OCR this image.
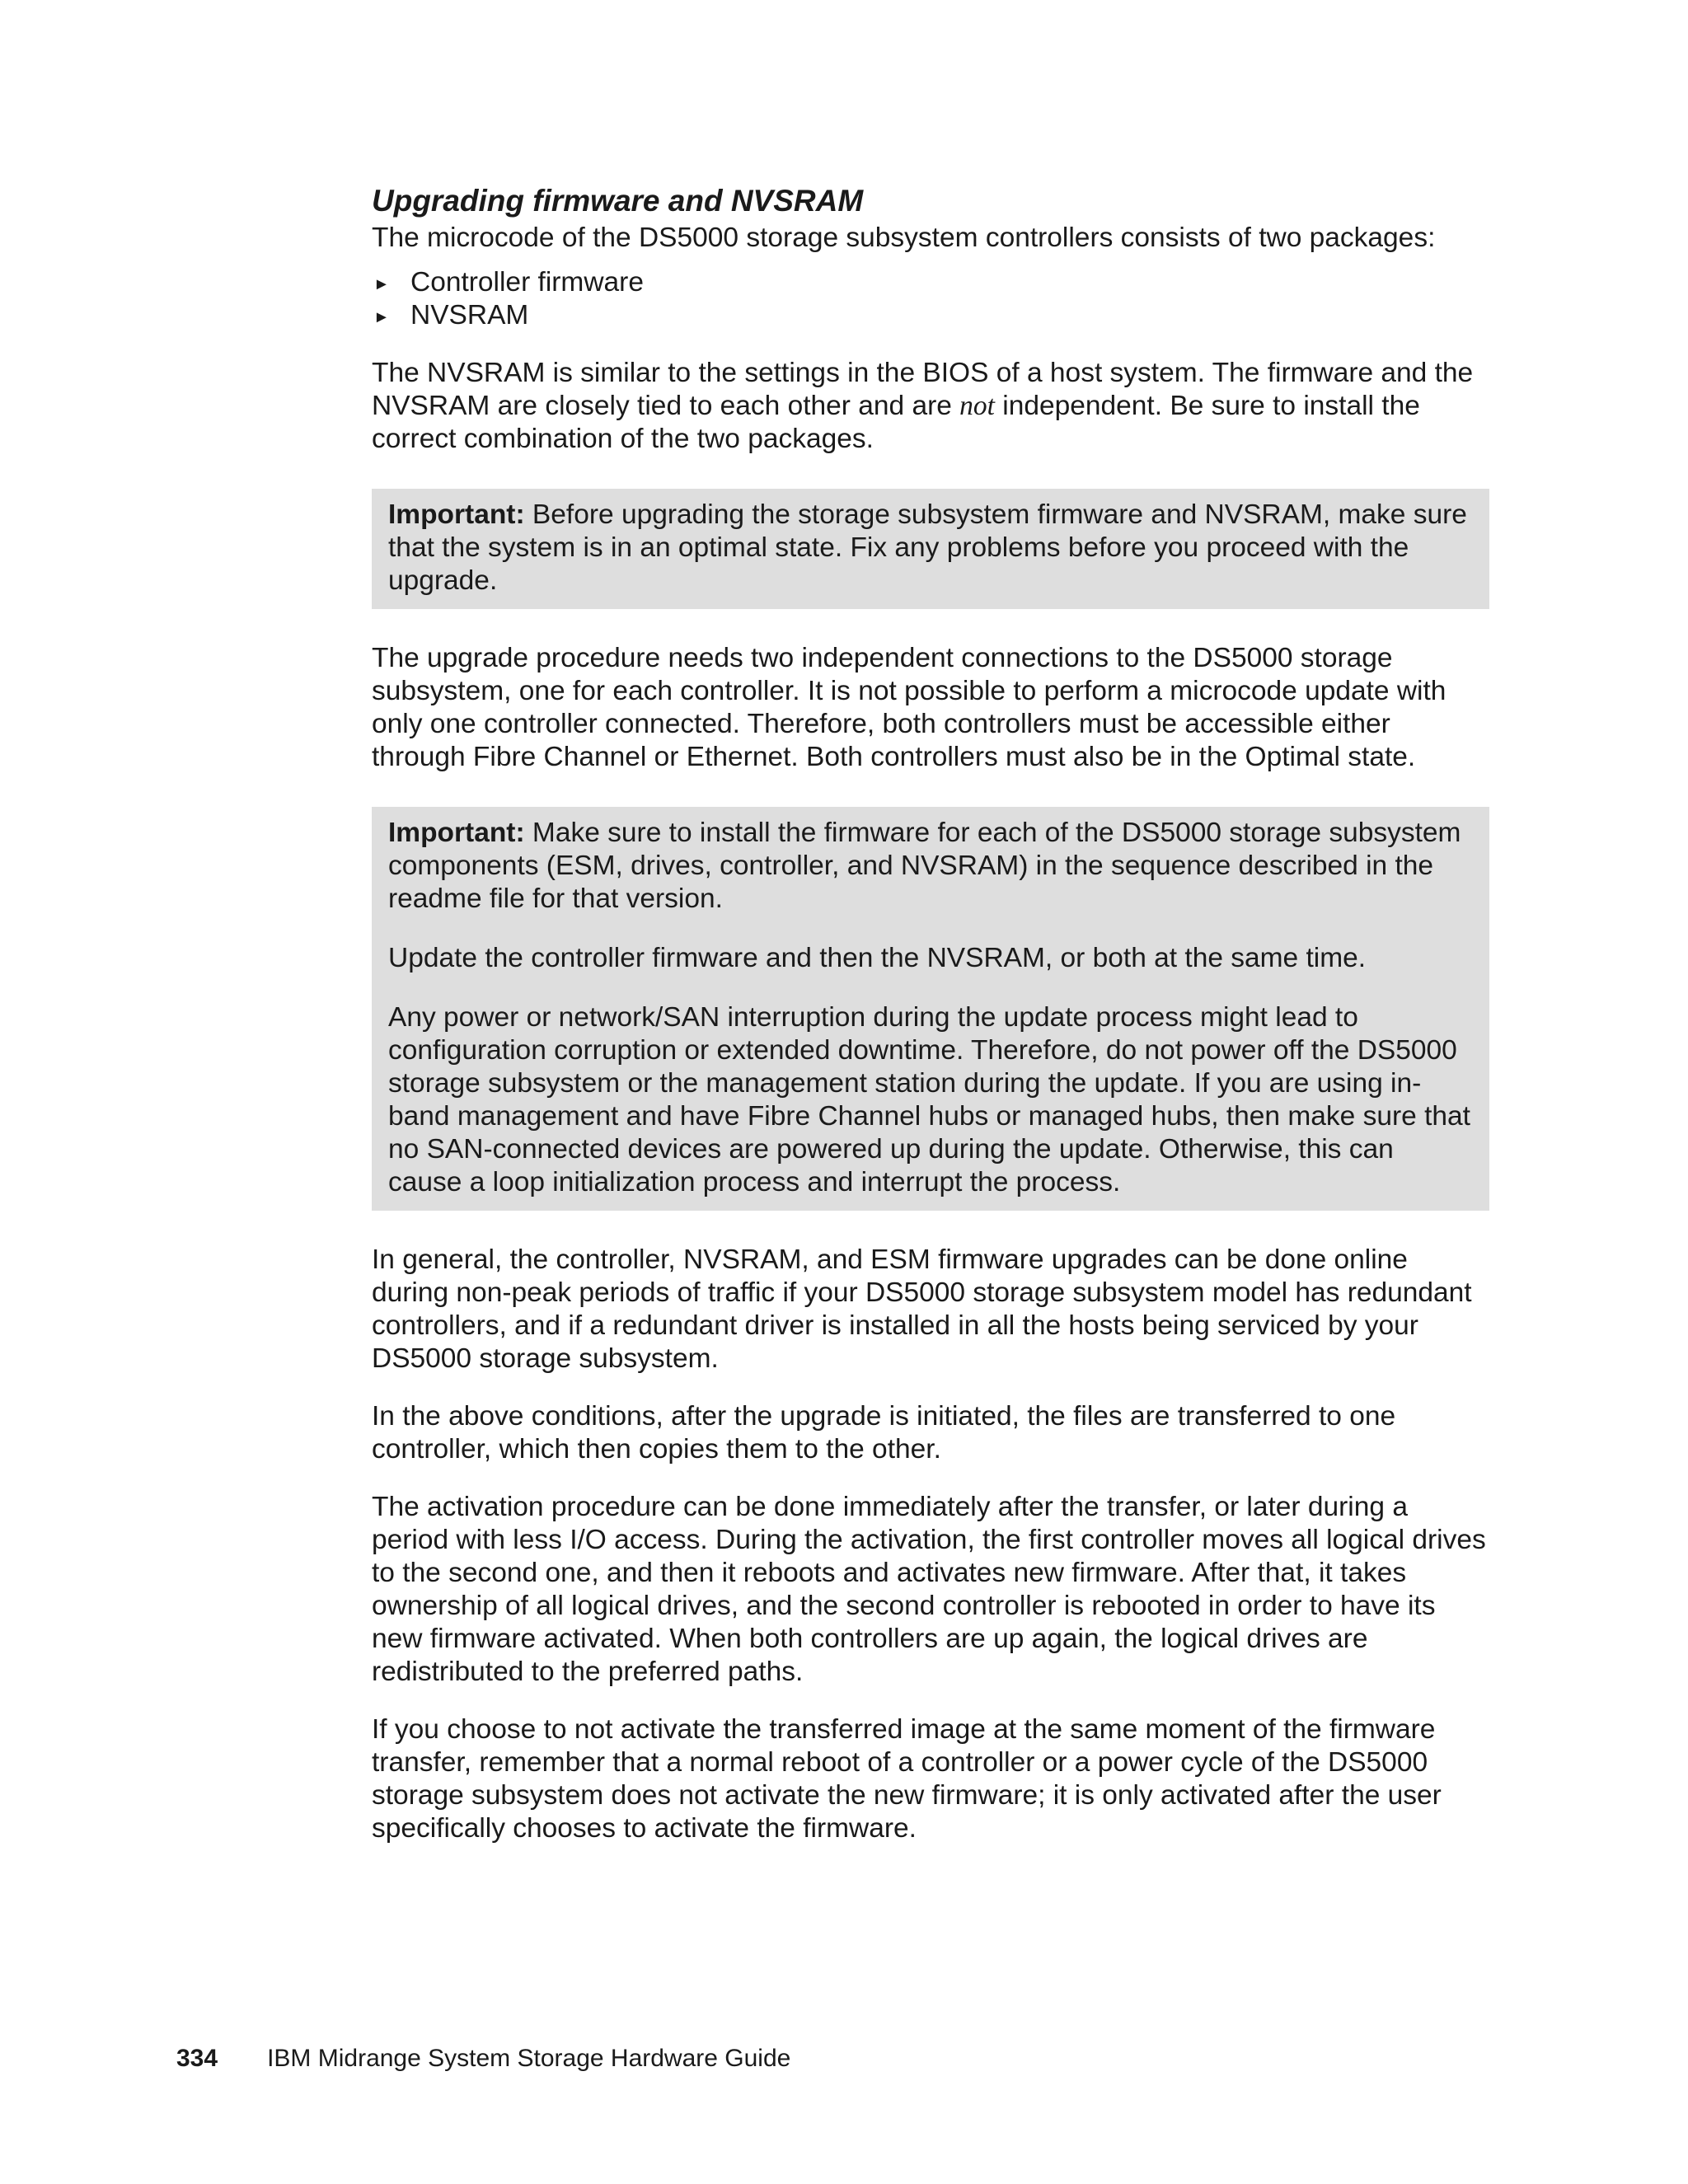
Upgrading firmware and NVSRAM

The microcode of the DS5000 storage subsystem controllers consists of two packages:

► Controller firmware
► NVSRAM

The NVSRAM is similar to the settings in the BIOS of a host system. The firmware and the NVSRAM are closely tied to each other and are not independent. Be sure to install the correct combination of the two packages.

Important: Before upgrading the storage subsystem firmware and NVSRAM, make sure that the system is in an optimal state. Fix any problems before you proceed with the upgrade.

The upgrade procedure needs two independent connections to the DS5000 storage subsystem, one for each controller. It is not possible to perform a microcode update with only one controller connected. Therefore, both controllers must be accessible either through Fibre Channel or Ethernet. Both controllers must also be in the Optimal state.

Important: Make sure to install the firmware for each of the DS5000 storage subsystem components (ESM, drives, controller, and NVSRAM) in the sequence described in the readme file for that version.

Update the controller firmware and then the NVSRAM, or both at the same time.

Any power or network/SAN interruption during the update process might lead to configuration corruption or extended downtime. Therefore, do not power off the DS5000 storage subsystem or the management station during the update. If you are using in-band management and have Fibre Channel hubs or managed hubs, then make sure that no SAN-connected devices are powered up during the update. Otherwise, this can cause a loop initialization process and interrupt the process.

In general, the controller, NVSRAM, and ESM firmware upgrades can be done online during non-peak periods of traffic if your DS5000 storage subsystem model has redundant controllers, and if a redundant driver is installed in all the hosts being serviced by your DS5000 storage subsystem.

In the above conditions, after the upgrade is initiated, the files are transferred to one controller, which then copies them to the other.

The activation procedure can be done immediately after the transfer, or later during a period with less I/O access. During the activation, the first controller moves all logical drives to the second one, and then it reboots and activates new firmware. After that, it takes ownership of all logical drives, and the second controller is rebooted in order to have its new firmware activated. When both controllers are up again, the logical drives are redistributed to the preferred paths.

If you choose to not activate the transferred image at the same moment of the firmware transfer, remember that a normal reboot of a controller or a power cycle of the DS5000 storage subsystem does not activate the new firmware; it is only activated after the user specifically chooses to activate the firmware.

334 IBM Midrange System Storage Hardware Guide
